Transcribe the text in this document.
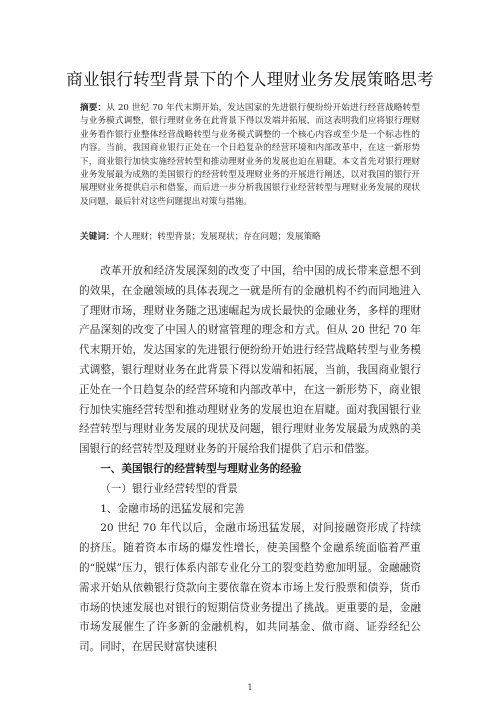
商业银行转型背景下的个人理财业务发展策略思考
摘要：从 20 世纪 70 年代末期开始，发达国家的先进银行便纷纷开始进行经营战略转型与业务模式调整，银行理财业务在此背景下得以发端并拓展，而这表明我们应将银行理财业务看作银行业整体经营战略转型与业务模式调整的一个核心内容或至少是一个标志性的内容。当前，我国商业银行正处在一个日趋复杂的经营环境和内部改革中，在这一新形势下，商业银行加快实施经营转型和推动理财业务的发展也迫在眉睫。本文首先对银行理财业务发展最为成熟的美国银行的经营转型及理财业务的开展进行阐述，以对我国的银行开展理财业务提供启示和借鉴，而后进一步分析我国银行业经营转型与理财业务发展的现状及问题，最后针对这些问题提出对策与措施。
关键词：个人理财；转型背景；发展现状；存在问题；发展策略

改革开放和经济发展深刻的改变了中国，给中国的成长带来意想不到的效果，在金融领域的具体表现之一就是所有的金融机构不约而同地进入了理财市场，理财业务随之迅速崛起为成长最快的金融业务，多样的理财产品深刻的改变了中国人的财富管理的理念和方式。但从 20 世纪 70 年代末期开始，发达国家的先进银行便纷纷开始进行经营战略转型与业务模式调整，银行理财业务在此背景下得以发端和拓展，当前，我国商业银行正处在一个日趋复杂的经营环境和内部改革中，在这一新形势下，商业银行加快实施经营转型和推动理财业务的发展也迫在眉睫。面对我国银行业经营转型与理财业务发展的现状及问题，银行理财业务发展最为成熟的美国银行的经营转型及理财业务的开展给我们提供了启示和借鉴。

一、美国银行的经营转型与理财业务的经验

（一）银行业经营转型的背景

1、金融市场的迅猛发展和完善

20 世纪 70 年代以后，金融市场迅猛发展，对间接融资形成了持续的挤压。随着资本市场的爆发性增长，使美国整个金融系统面临着严重的“脱媒”压力，银行体系内部专业化分工的裂变趋势愈加明显。金融融资需求开始从依赖银行贷款向主要依靠在资本市场上发行股票和债券，货币市场的快速发展也对银行的短期信贷业务提出了挑战。更重要的是，金融市场发展催生了许多新的金融机构，如共同基金、做市商、证券经纪公司。同时，在居民财富快速积

1
